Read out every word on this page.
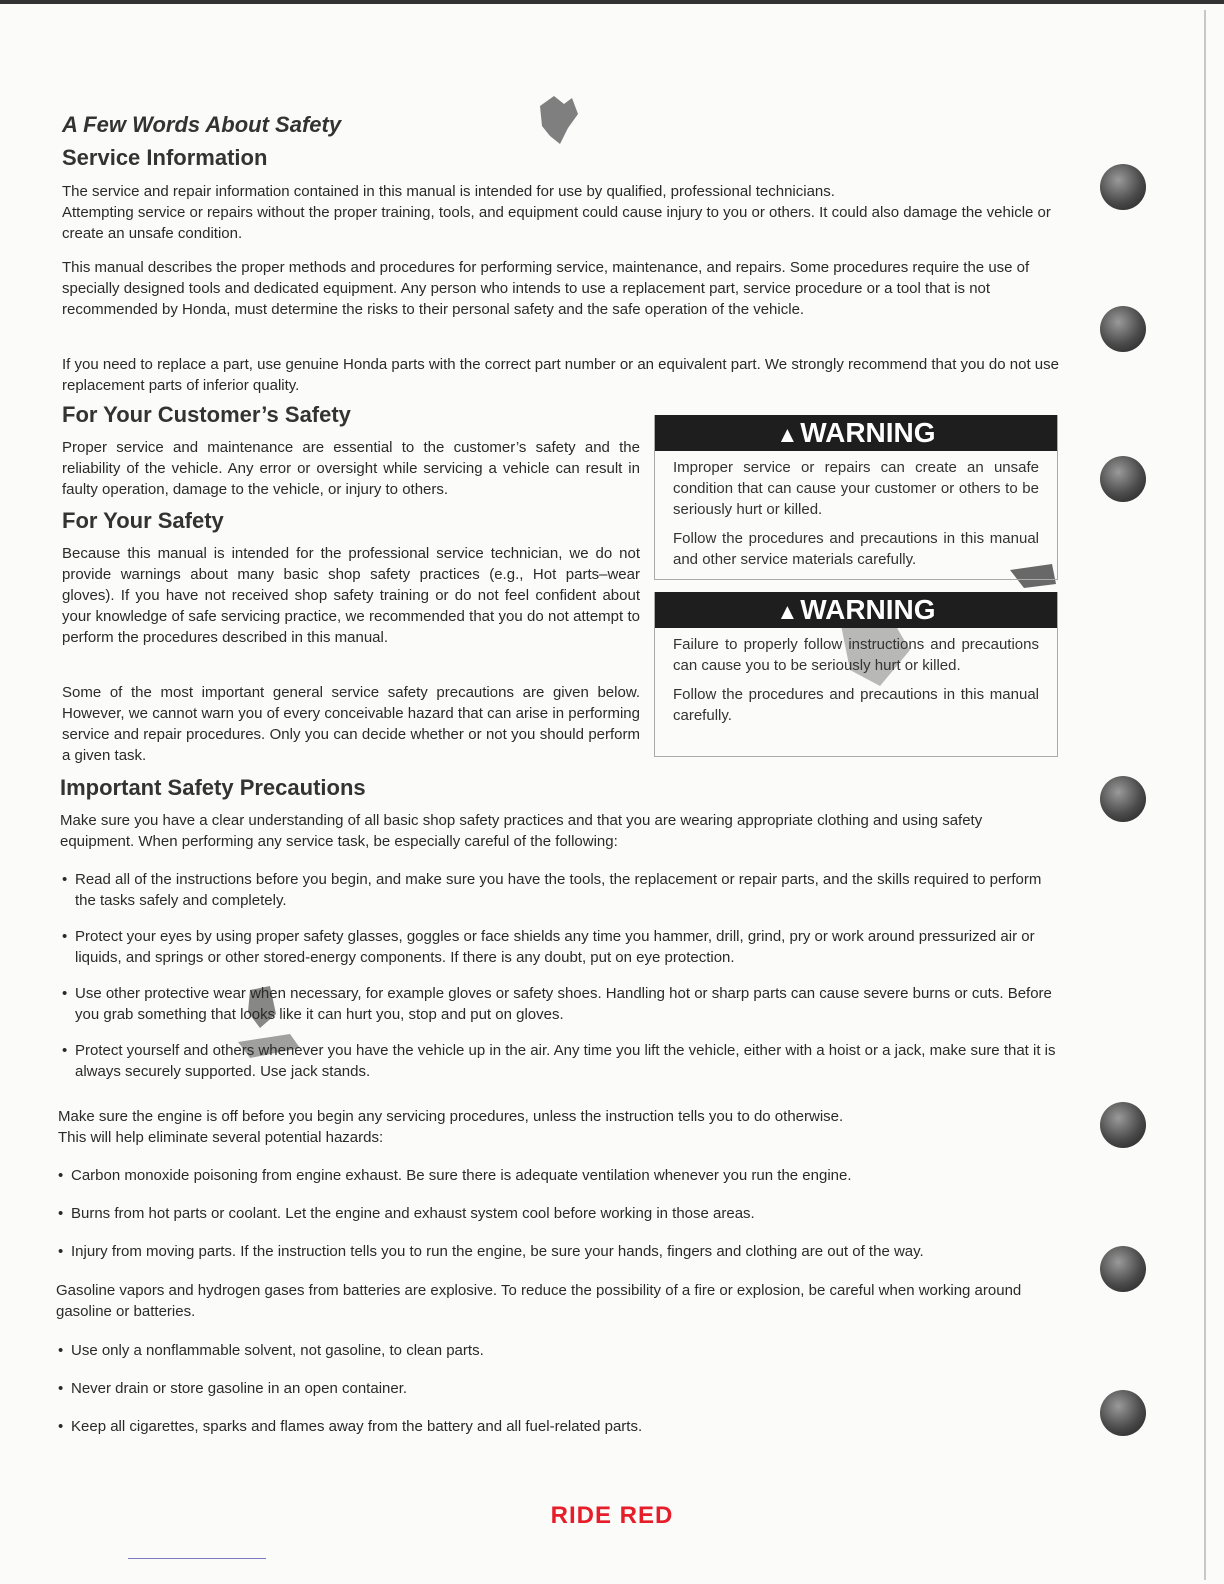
A Few Words About Safety
Service Information

The service and repair information contained in this manual is intended for use by qualified, professional technicians.
Attempting service or repairs without the proper training, tools, and equipment could cause injury to you or others. It could also damage the vehicle or create an unsafe condition.

This manual describes the proper methods and procedures for performing service, maintenance, and repairs. Some procedures require the use of specially designed tools and dedicated equipment. Any person who intends to use a replacement part, service procedure or a tool that is not recommended by Honda, must determine the risks to their personal safety and the safe operation of the vehicle.

If you need to replace a part, use genuine Honda parts with the correct part number or an equivalent part. We strongly recommend that you do not use replacement parts of inferior quality.

For Your Customer’s Safety

Proper service and maintenance are essential to the customer’s safety and the reliability of the vehicle. Any error or oversight while servicing a vehicle can result in faulty operation, damage to the vehicle, or injury to others.

For Your Safety

Because this manual is intended for the professional service technician, we do not provide warnings about many basic shop safety practices (e.g., Hot parts–wear gloves). If you have not received shop safety training or do not feel confident about your knowledge of safe servicing practice, we recommended that you do not attempt to perform the procedures described in this manual.

Some of the most important general service safety precautions are given below. However, we cannot warn you of every conceivable hazard that can arise in performing service and repair procedures. Only you can decide whether or not you should perform a given task.

▲WARNING

Improper service or repairs can create an unsafe condition that can cause your customer or others to be seriously hurt or killed.

Follow the procedures and precautions in this manual and other service materials carefully.

▲WARNING

Failure to properly follow instructions and precautions can cause you to be seriously hurt or killed.

Follow the procedures and precautions in this manual carefully.

Important Safety Precautions

Make sure you have a clear understanding of all basic shop safety practices and that you are wearing appropriate clothing and using safety equipment. When performing any service task, be especially careful of the following:

• Read all of the instructions before you begin, and make sure you have the tools, the replacement or repair parts, and the skills required to perform the tasks safely and completely.
• Protect your eyes by using proper safety glasses, goggles or face shields any time you hammer, drill, grind, pry or work around pressurized air or liquids, and springs or other stored-energy components. If there is any doubt, put on eye protection.
• Use other protective wear when necessary, for example gloves or safety shoes. Handling hot or sharp parts can cause severe burns or cuts. Before you grab something that looks like it can hurt you, stop and put on gloves.
• Protect yourself and others whenever you have the vehicle up in the air. Any time you lift the vehicle, either with a hoist or a jack, make sure that it is always securely supported. Use jack stands.

Make sure the engine is off before you begin any servicing procedures, unless the instruction tells you to do otherwise.
This will help eliminate several potential hazards:

• Carbon monoxide poisoning from engine exhaust. Be sure there is adequate ventilation whenever you run the engine.
• Burns from hot parts or coolant. Let the engine and exhaust system cool before working in those areas.
• Injury from moving parts. If the instruction tells you to run the engine, be sure your hands, fingers and clothing are out of the way.

Gasoline vapors and hydrogen gases from batteries are explosive. To reduce the possibility of a fire or explosion, be careful when working around gasoline or batteries.

• Use only a nonflammable solvent, not gasoline, to clean parts.
• Never drain or store gasoline in an open container.
• Keep all cigarettes, sparks and flames away from the battery and all fuel-related parts.
RIDE RED
